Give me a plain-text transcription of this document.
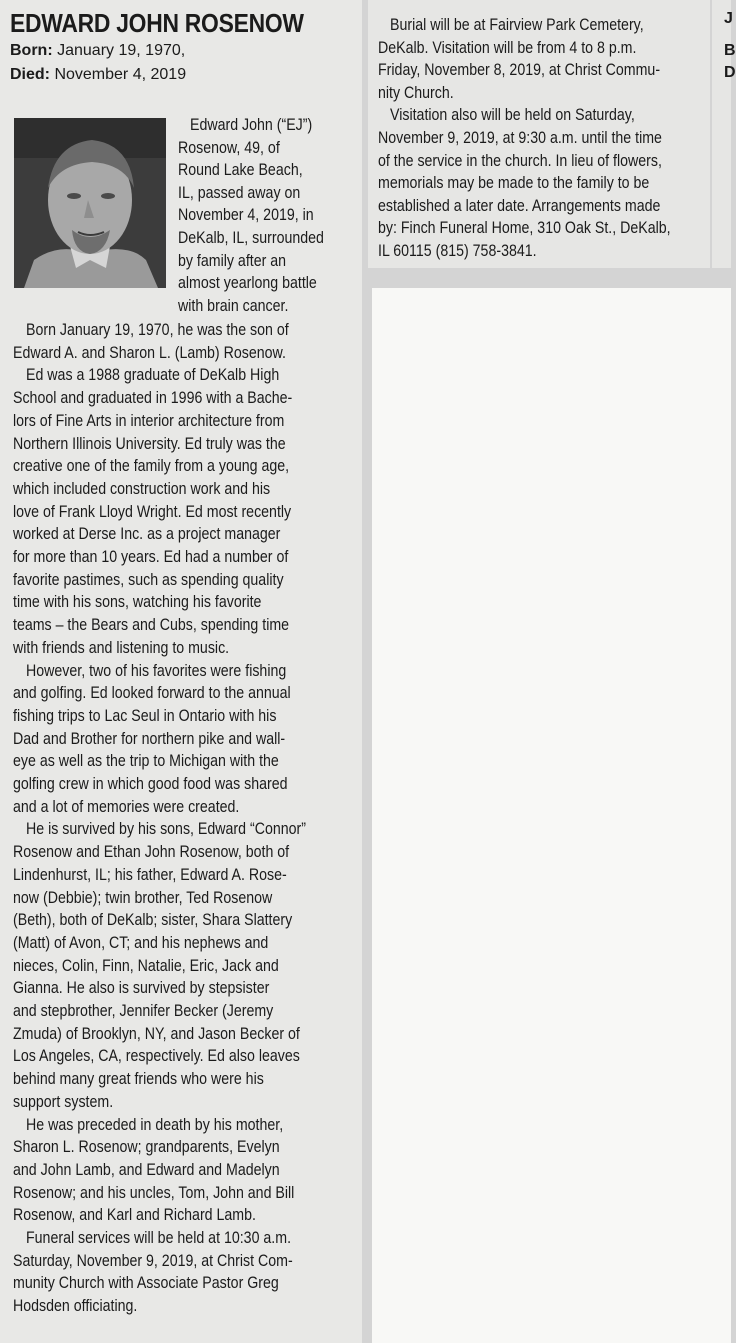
EDWARD JOHN ROSENOW
Born: January 19, 1970,
Died: November 4, 2019
Edward John (“EJ”)
Rosenow, 49, of
Round Lake Beach,
IL, passed away on
November 4, 2019, in
DeKalb, IL, surrounded
by family after an
almost yearlong battle
with brain cancer.
Born January 19, 1970, he was the son of
Edward A. and Sharon L. (Lamb) Rosenow.
Ed was a 1988 graduate of DeKalb High
School and graduated in 1996 with a Bache-
lors of Fine Arts in interior architecture from
Northern Illinois University. Ed truly was the
creative one of the family from a young age,
which included construction work and his
love of Frank Lloyd Wright. Ed most recently
worked at Derse Inc. as a project manager
for more than 10 years. Ed had a number of
favorite pastimes, such as spending quality
time with his sons, watching his favorite
teams – the Bears and Cubs, spending time
with friends and listening to music.
However, two of his favorites were fishing
and golfing. Ed looked forward to the annual
fishing trips to Lac Seul in Ontario with his
Dad and Brother for northern pike and wall-
eye as well as the trip to Michigan with the
golfing crew in which good food was shared
and a lot of memories were created.
He is survived by his sons, Edward “Connor”
Rosenow and Ethan John Rosenow, both of
Lindenhurst, IL; his father, Edward A. Rose-
now (Debbie); twin brother, Ted Rosenow
(Beth), both of DeKalb; sister, Shara Slattery
(Matt) of Avon, CT; and his nephews and
nieces, Colin, Finn, Natalie, Eric, Jack and
Gianna. He also is survived by stepsister
and stepbrother, Jennifer Becker (Jeremy
Zmuda) of Brooklyn, NY, and Jason Becker of
Los Angeles, CA, respectively. Ed also leaves
behind many great friends who were his
support system.
He was preceded in death by his mother,
Sharon L. Rosenow; grandparents, Evelyn
and John Lamb, and Edward and Madelyn
Rosenow; and his uncles, Tom, John and Bill
Rosenow, and Karl and Richard Lamb.
Funeral services will be held at 10:30 a.m.
Saturday, November 9, 2019, at Christ Com-
munity Church with Associate Pastor Greg
Hodsden officiating.
Burial will be at Fairview Park Cemetery,
DeKalb. Visitation will be from 4 to 8 p.m.
Friday, November 8, 2019, at Christ Commu-
nity Church.
Visitation also will be held on Saturday,
November 9, 2019, at 9:30 a.m. until the time
of the service in the church. In lieu of flowers,
memorials may be made to the family to be
established a later date. Arrangements made
by: Finch Funeral Home, 310 Oak St., DeKalb,
IL 60115 (815) 758-3841.
J
B
D
